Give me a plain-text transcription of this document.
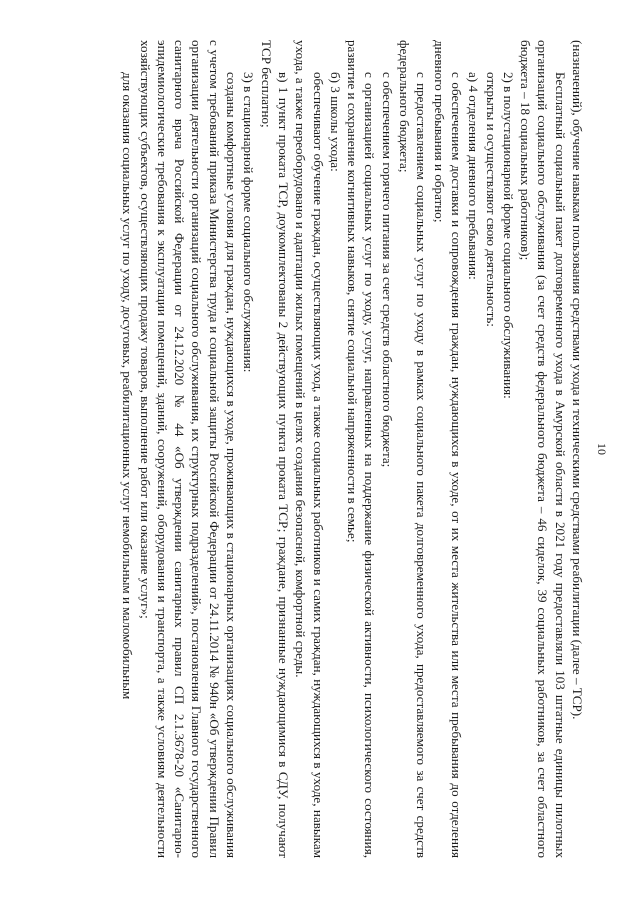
10

(назначений), обучение навыкам пользования средствами ухода и техническими средствами реабилитации (далее – ТСР).

Бесплатный социальный пакет долговременного ухода в Амурской области в 2021 году предоставляли 103 штатные единицы пилотных организаций социального обслуживания (за счет средств федерального бюджета – 46 сиделок, 39 социальных работников, за счет областного бюджета – 18 социальных работников);

2) в полустационарной форме социального обслуживания:

открыты и осуществляют свою деятельность:

а) 4 отделения дневного пребывания:

с обеспечением доставки и сопровождения граждан, нуждающихся в уходе, от их места жительства или места пребывания до отделения дневного пребывания и обратно;

с предоставлением социальных услуг по уходу в рамках социального пакета долговременного ухода, предоставляемого за счет средств федерального бюджета;

с обеспечением горячего питания за счет средств областного бюджета;

с организацией социальных услуг по уходу, услуг, направленных на поддержание физической активности, психологического состояния, развитие и сохранение когнитивных навыков, снятие социальной напряженности в семье;

б) 3 школы ухода:

обеспечивают обучение граждан, осуществляющих уход, а также социальных работников и самих граждан, нуждающихся в уходе, навыкам ухода, а также переоборудовано и адаптации жилых помещений в целях создания безопасной, комфортной среды.

в) 1 пункт проката ТСР, доукомплектованы 2 действующих пункта проката ТСР; граждане, признанные нуждающимися в СДУ, получают ТСР бесплатно;

3) в стационарной форме социального обслуживания:

созданы комфортные условия для граждан, нуждающихся в уходе, проживающих в стационарных организациях социального обслуживания с учетом требований приказа Министерства труда и социальной защиты Российской Федерации от 24.11.2014 № 940н «Об утверждении Правил организации деятельности организаций социального обслуживания, их структурных подразделений», постановления Главного государственного санитарного врача Российской Федерации от 24.12.2020 № 44 «Об утверждении санитарных правил СП 2.1.3678-20 «Санитарно-эпидемиологические требования к эксплуатации помещений, зданий, сооружений, оборудования и транспорта, а также условиям деятельности хозяйствующих субъектов, осуществляющих продажу товаров, выполнение работ или оказание услуг»;

для оказания социальных услуг по уходу, досуговых, реабилитационных услуг немобильным и маломобильным
